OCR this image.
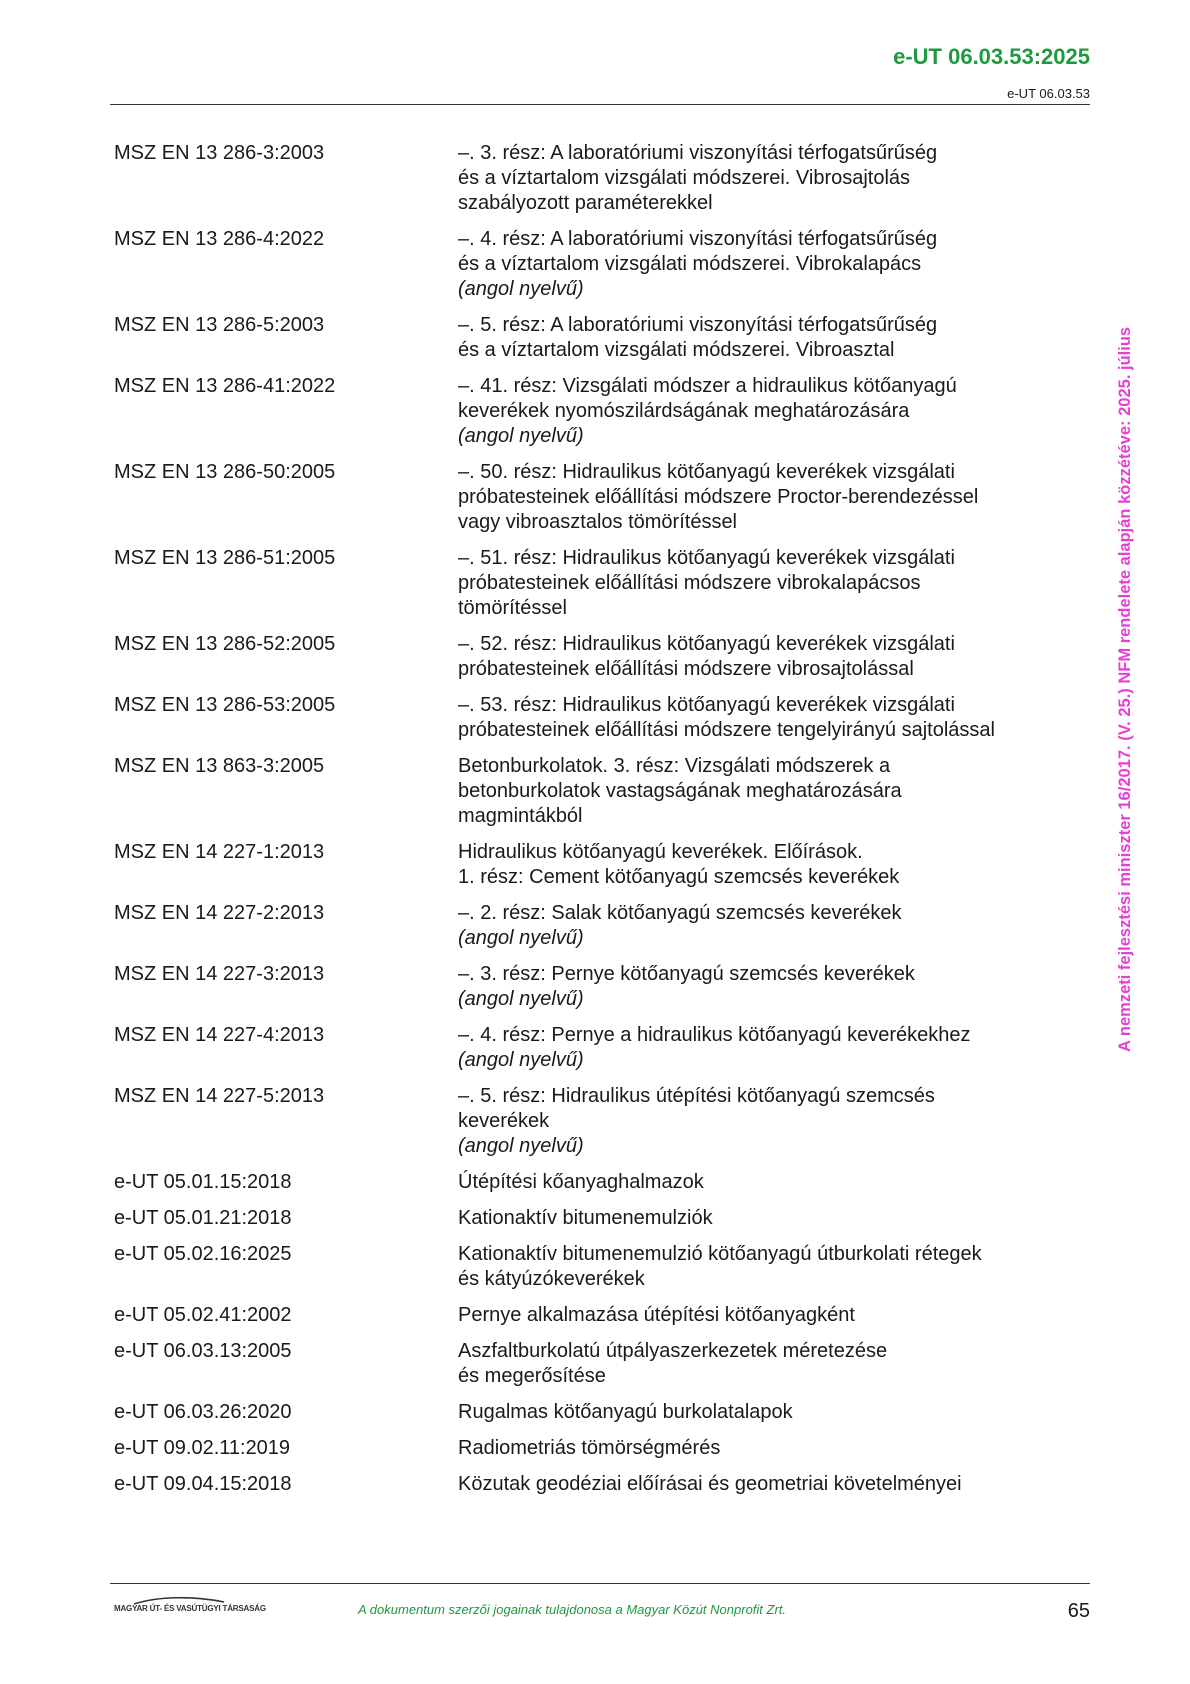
e-UT 06.03.53:2025
e-UT 06.03.53
A nemzeti fejlesztési miniszter 16/2017. (V. 25.) NFM rendelete alapján közzétéve: 2025. július
MSZ EN 13 286-3:2003	–. 3. rész: A laboratóriumi viszonyítási térfogatsűrűség
és a víztartalom vizsgálati módszerei. Vibrosajtolás
szabályozott paraméterekkel
MSZ EN 13 286-4:2022	–. 4. rész: A laboratóriumi viszonyítási térfogatsűrűség
és a víztartalom vizsgálati módszerei. Vibrokalapács
(angol nyelvű)
MSZ EN 13 286-5:2003	–. 5. rész: A laboratóriumi viszonyítási térfogatsűrűség
és a víztartalom vizsgálati módszerei. Vibroasztal
MSZ EN 13 286-41:2022	–. 41. rész: Vizsgálati módszer a hidraulikus kötőanyagú
keverékek nyomószilárdságának meghatározására
(angol nyelvű)
MSZ EN 13 286-50:2005	–. 50. rész: Hidraulikus kötőanyagú keverékek vizsgálati
próbatesteinek előállítási módszere Proctor-berendezéssel
vagy vibroasztalos tömörítéssel
MSZ EN 13 286-51:2005	–. 51. rész: Hidraulikus kötőanyagú keverékek vizsgálati
próbatesteinek előállítási módszere vibrokalapácsos
tömörítéssel
MSZ EN 13 286-52:2005	–. 52. rész: Hidraulikus kötőanyagú keverékek vizsgálati
próbatesteinek előállítási módszere vibrosajtolással
MSZ EN 13 286-53:2005	–. 53. rész: Hidraulikus kötőanyagú keverékek vizsgálati
próbatesteinek előállítási módszere tengelyirányú sajtolással
MSZ EN 13 863-3:2005	Betonburkolatok. 3. rész: Vizsgálati módszerek a
betonburkolatok vastagságának meghatározására
magmintákból
MSZ EN 14 227-1:2013	Hidraulikus kötőanyagú keverékek. Előírások.
1. rész: Cement kötőanyagú szemcsés keverékek
MSZ EN 14 227-2:2013	–. 2. rész: Salak kötőanyagú szemcsés keverékek
(angol nyelvű)
MSZ EN 14 227-3:2013	–. 3. rész: Pernye kötőanyagú szemcsés keverékek
(angol nyelvű)
MSZ EN 14 227-4:2013	–. 4. rész: Pernye a hidraulikus kötőanyagú keverékekhez
(angol nyelvű)
MSZ EN 14 227-5:2013	–. 5. rész: Hidraulikus útépítési kötőanyagú szemcsés
keverékek
(angol nyelvű)
e-UT 05.01.15:2018	Útépítési kőanyaghalmazok
e-UT 05.01.21:2018	Kationaktív bitumenemulziók
e-UT 05.02.16:2025	Kationaktív bitumenemulzió kötőanyagú útburkolati rétegek
és kátyúzókeverékek
e-UT 05.02.41:2002	Pernye alkalmazása útépítési kötőanyagként
e-UT 06.03.13:2005	Aszfaltburkolatú útpályaszerkezetek méretezése
és megerősítése
e-UT 06.03.26:2020	Rugalmas kötőanyagú burkolatalapok
e-UT 09.02.11:2019	Radiometriás tömörségmérés
e-UT 09.04.15:2018	Közutak geodéziai előírásai és geometriai követelményei
MAGYAR ÚT- ÉS VASÚTÜGYI TÁRSASÁG	A dokumentum szerzői jogainak tulajdonosa a Magyar Közút Nonprofit Zrt.	65
